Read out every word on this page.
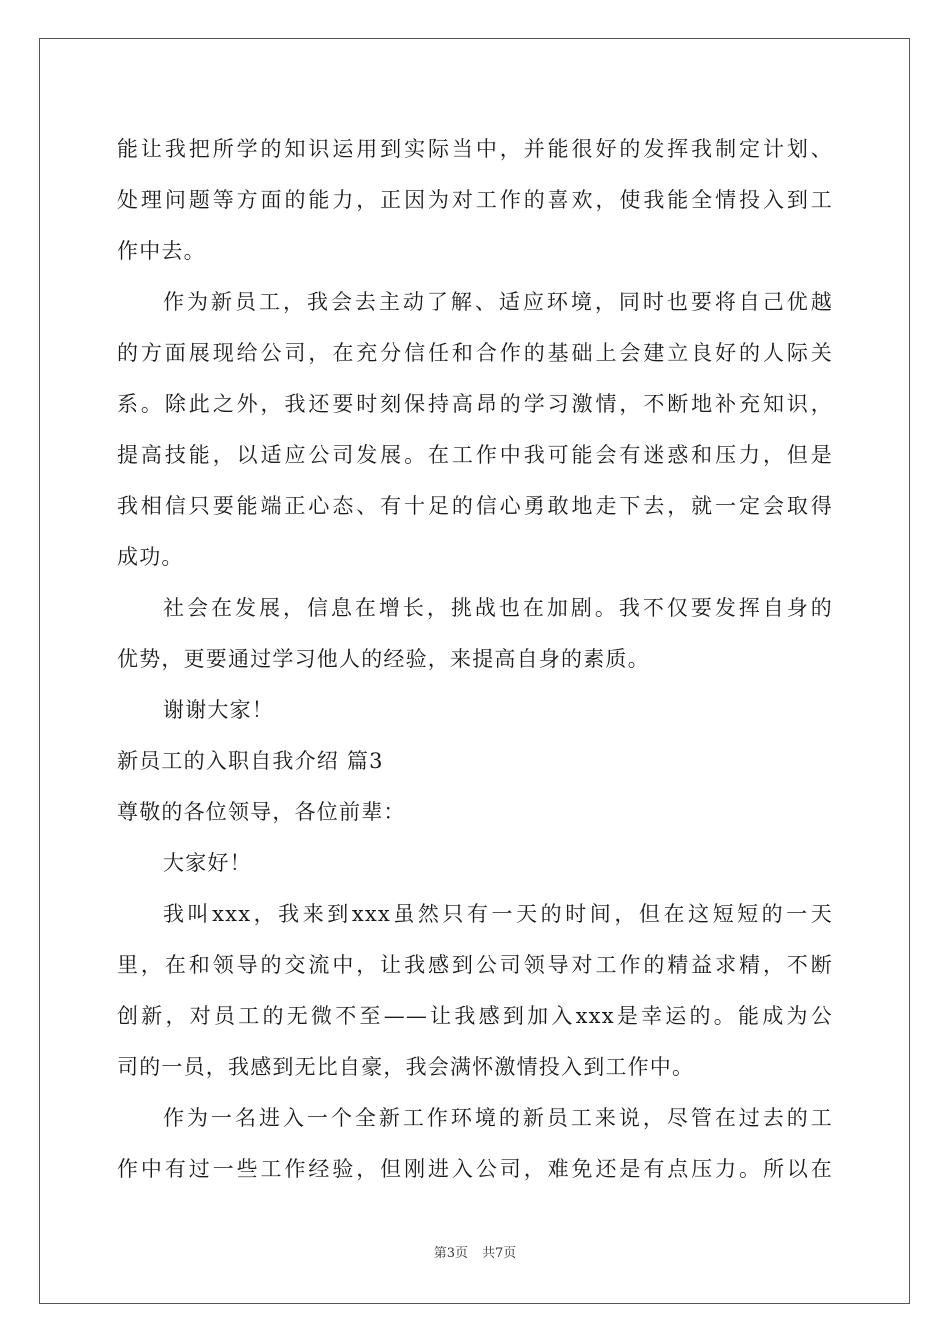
能让我把所学的知识运用到实际当中，并能很好的发挥我制定计划、
处理问题等方面的能力，正因为对工作的喜欢，使我能全情投入到工
作中去。
作为新员工，我会去主动了解、适应环境，同时也要将自己优越
的方面展现给公司，在充分信任和合作的基础上会建立良好的人际关
系。除此之外，我还要时刻保持高昂的学习激情，不断地补充知识，
提高技能，以适应公司发展。在工作中我可能会有迷惑和压力，但是
我相信只要能端正心态、有十足的信心勇敢地走下去，就一定会取得
成功。
社会在发展，信息在增长，挑战也在加剧。我不仅要发挥自身的
优势，更要通过学习他人的经验，来提高自身的素质。
谢谢大家！
新员工的入职自我介绍 篇3
尊敬的各位领导，各位前辈：
大家好！
我叫xxx，我来到xxx虽然只有一天的时间，但在这短短的一天
里，在和领导的交流中，让我感到公司领导对工作的精益求精，不断
创新，对员工的无微不至——让我感到加入xxx是幸运的。能成为公
司的一员，我感到无比自豪，我会满怀激情投入到工作中。
作为一名进入一个全新工作环境的新员工来说，尽管在过去的工
作中有过一些工作经验，但刚进入公司，难免还是有点压力。所以在
第3页 共7页
